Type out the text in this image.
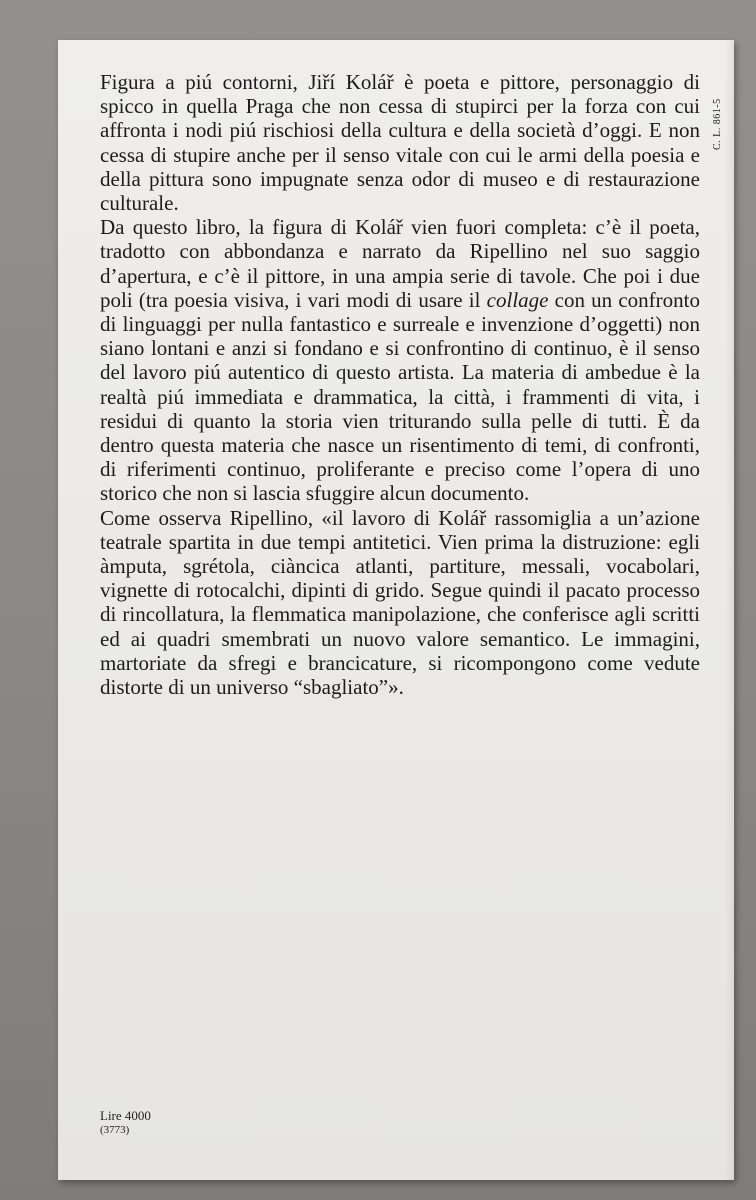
Figura a piú contorni, Jiří Kolář è poeta e pittore, personaggio di spicco in quella Praga che non cessa di stupirci per la forza con cui affronta i nodi piú rischiosi della cultura e della società d’oggi. E non cessa di stupire anche per il senso vitale con cui le armi della poesia e della pittura sono impugnate senza odor di museo e di restaurazione culturale.

Da questo libro, la figura di Kolář vien fuori completa: c’è il poeta, tradotto con abbondanza e narrato da Ripellino nel suo saggio d’apertura, e c’è il pittore, in una ampia serie di tavole. Che poi i due poli (tra poesia visiva, i vari modi di usare il collage con un confronto di linguaggi per nulla fantastico e surreale e invenzione d’oggetti) non siano lontani e anzi si fondano e si confrontino di continuo, è il senso del lavoro piú autentico di questo artista. La materia di ambedue è la realtà piú immediata e drammatica, la città, i frammenti di vita, i residui di quanto la storia vien triturando sulla pelle di tutti. È da dentro questa materia che nasce un risentimento di temi, di confronti, di riferimenti continuo, proliferante e preciso come l’opera di uno storico che non si lascia sfuggire alcun documento.

Come osserva Ripellino, «il lavoro di Kolář rassomiglia a un’azione teatrale spartita in due tempi antitetici. Vien prima la distruzione: egli àmputa, sgrétola, ciàncica atlanti, partiture, messali, vocabolari, vignette di rotocalchi, dipinti di grido. Segue quindi il pacato processo di rincollatura, la flemmatica manipolazione, che conferisce agli scritti ed ai quadri smembrati un nuovo valore semantico. Le immagini, martoriate da sfregi e brancicature, si ricompongono come vedute distorte di un universo “sbagliato”».

C. L. 861-5
Lire 4000
(3773)
